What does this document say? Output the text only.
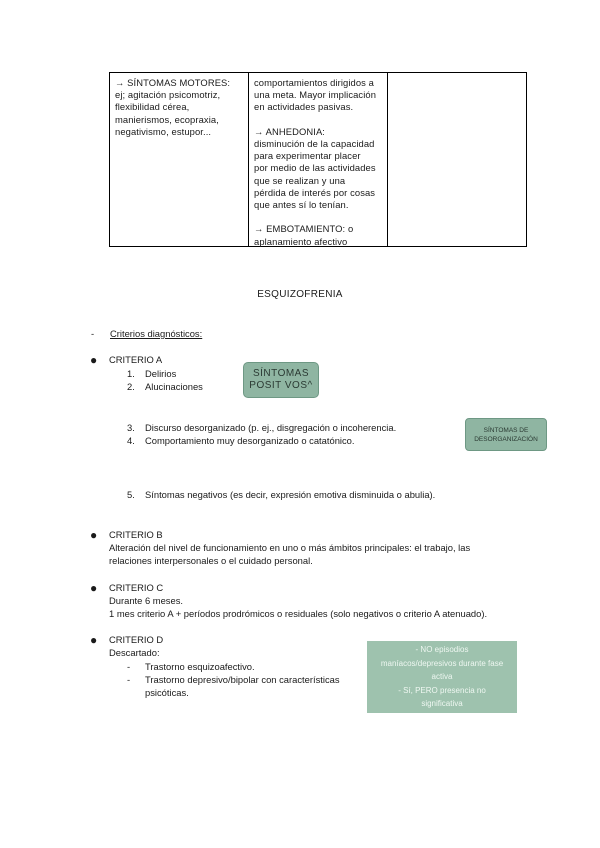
→ SÍNTOMAS MOTORES:
ej; agitación psicomotriz,
flexibilidad cérea,
manierismos, ecopraxia,
negativismo, estupor...
comportamientos dirigidos a
una meta. Mayor implicación
en actividades pasivas.

→ ANHEDONIA:
disminución de la capacidad
para experimentar placer
por medio de las actividades
que se realizan y una
pérdida de interés por cosas
que antes sí lo tenían.

→ EMBOTAMIENTO: o
aplanamiento afectivo
ESQUIZOFRENIA
- Criterios diagnósticos:
● CRITERIO A
1. Delirios
2. Alucinaciones
SÍNTOMAS
POSIT VOS^
3. Discurso desorganizado (p. ej., disgregación o incoherencia.
4. Comportamiento muy desorganizado o catatónico.
SÍNTOMAS DE
DESORGANIZACIÓN
5. Síntomas negativos (es decir, expresión emotiva disminuida o abulia).
● CRITERIO B
Alteración del nivel de funcionamiento en uno o más ámbitos principales: el trabajo, las
relaciones interpersonales o el cuidado personal.
● CRITERIO C
Durante 6 meses.
1 mes criterio A + períodos prodrómicos o residuales (solo negativos o criterio A atenuado).
● CRITERIO D
Descartado:
- Trastorno esquizoafectivo.
- Trastorno depresivo/bipolar con características
psicóticas.
- NO episodios
maníacos/depresivos durante fase
activa
- Sí, PERO presencia no
significativa
